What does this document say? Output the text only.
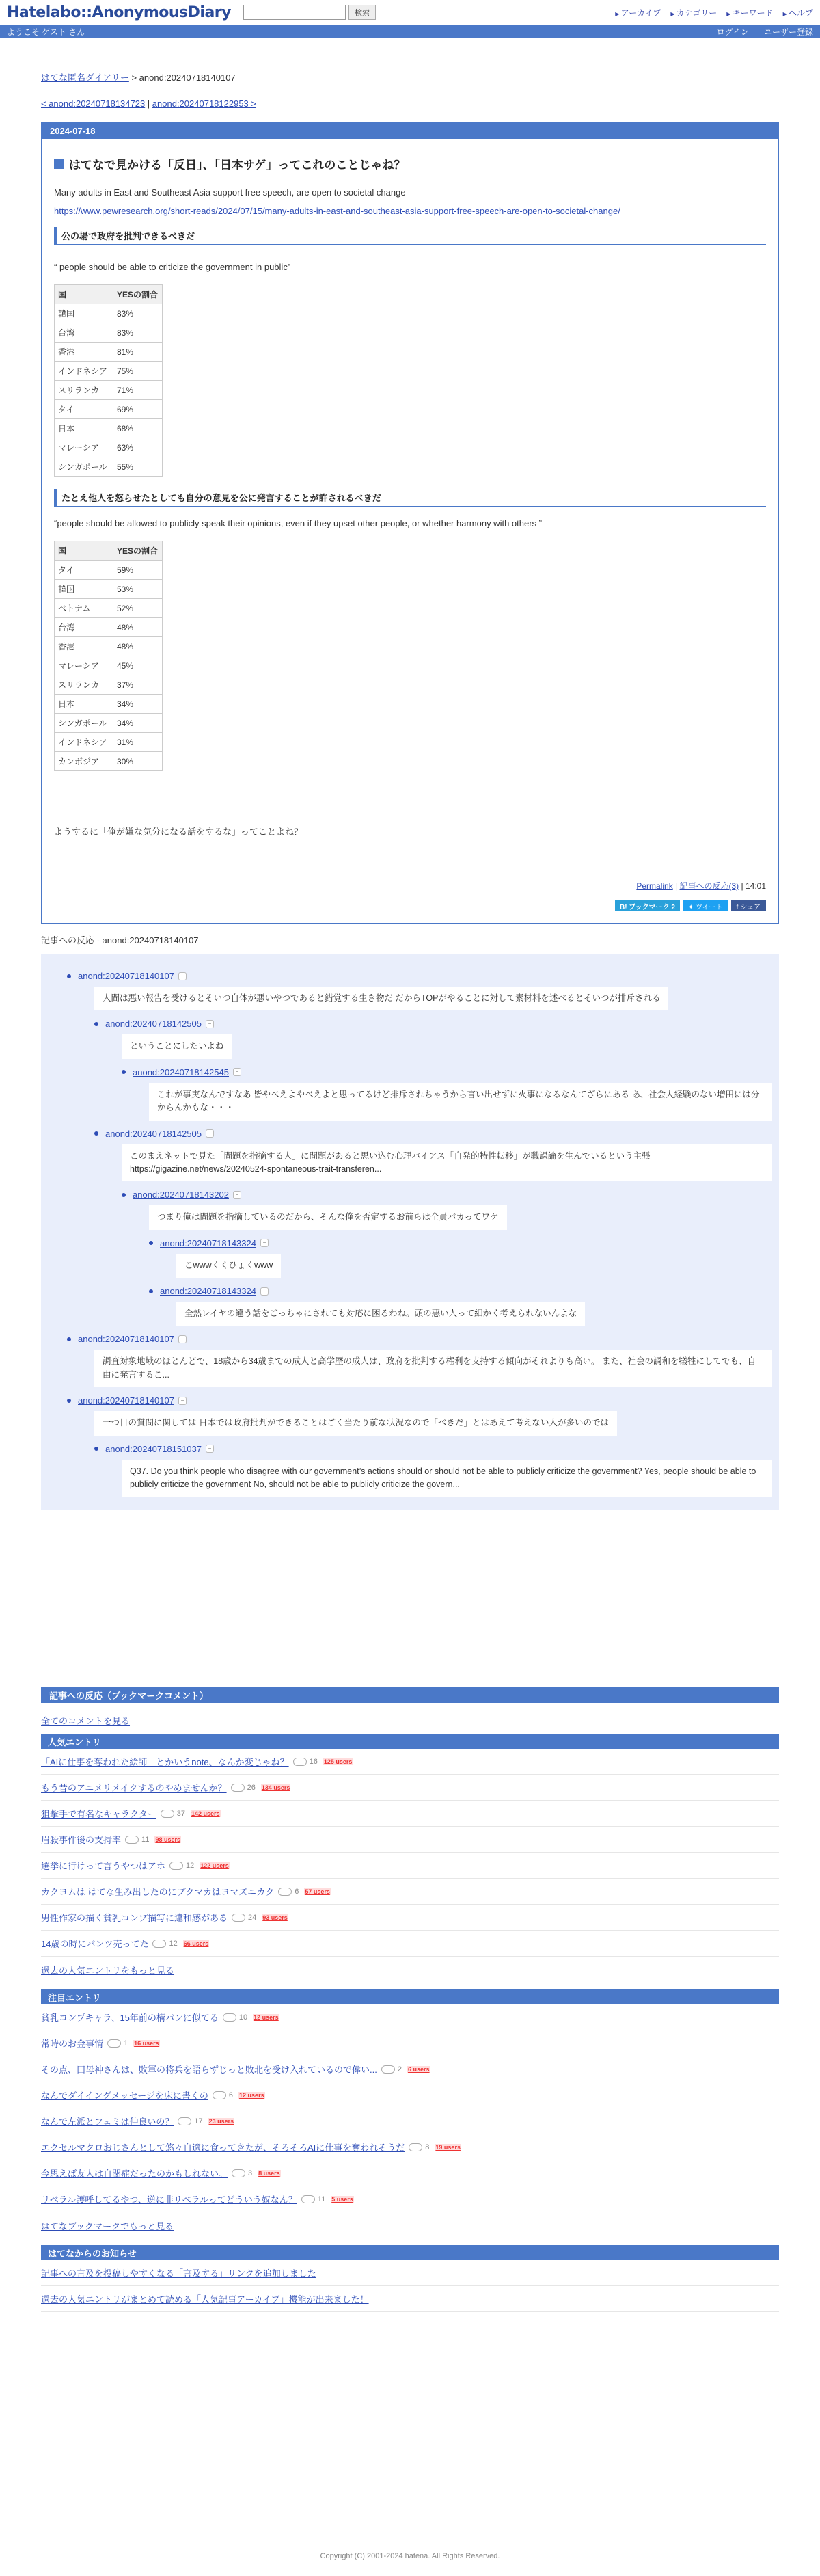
Hatelabo::AnonymousDiary	検索	▶ アーカイブ	▶ カテゴリー	▶ キーワード	▶ ヘルプ
ようこそ ゲスト さん	ログイン ユーザー登録
はてな匿名ダイアリー > anond:20240718140107
< anond:20240718134723 | anond:20240718122953 >
2024-07-18
はてなで見かける「反日」、「日本サゲ」ってこれのことじゃね？
Many adults in East and Southeast Asia support free speech, are open to societal change
https://www.pewresearch.org/short-reads/2024/07/15/many-adults-in-east-and-southeast-asia-support-free-speech-are-open-to-societal-change/
公の場で政府を批判できるべきだ
“ people should be able to criticize the government in public”
国	YESの割合
韓国	83%
台湾	83%
香港	81%
インドネシア	75%
スリランカ	71%
タイ	69%
日本	68%
マレーシア	63%
シンガポール	55%
たとえ他人を怒らせたとしても自分の意見を公に発言することが許されるべきだ
“people should be allowed to publicly speak their opinions, even if they upset other people, or whether harmony with others ”
国	YESの割合
タイ	59%
韓国	53%
ベトナム	52%
台湾	48%
香港	48%
マレーシア	45%
スリランカ	37%
日本	34%
シンガポール	34%
インドネシア	31%
カンボジア	30%
ようするに「俺が嫌な気分になる話をするな」ってことよね？
Permalink | 記事への反応(3) | 14:01
B! ブックマーク 2	✦ ツイート	f シェア
記事への反応 - anond:20240718140107
anond:20240718140107	−
人間は悪い報告を受けるとそいつ自体が悪いやつであると錯覚する生き物だ だからTOPがやることに対して素材料を述べるとそいつが排斥される
anond:20240718142505	−
ということにしたいよね
anond:20240718142545	−
これが事実なんですなあ 皆やべえよやべえよと思ってるけど排斥されちゃうから言い出せずに火事になるなんてざらにある あ、社会人経験のない増田には分からんかもな・・・
anond:20240718142505	−
このまえネットで見た「問題を指摘する人」に問題があると思い込む心理バイアス「自発的特性転移」が職課論を生んでいるという主張 https://gigazine.net/news/20240524-spontaneous-trait-transferen...
anond:20240718143202	−
つまり俺は問題を指摘しているのだから、そんな俺を否定するお前らは全員バカってワケ
anond:20240718143324	−
こwwwくくひょくwww
anond:20240718143324	−
全然レイヤの違う話をごっちゃにされても対応に困るわね。頭の悪い人って細かく考えられないんよな
anond:20240718140107	−
調査対象地域のほとんどで、18歳から34歳までの成人と高学歴の成人は、政府を批判する権利を支持する傾向がそれよりも高い。 また、社会の調和を犠牲にしてでも、自由に発言するこ...
anond:20240718140107	−
一つ目の質問に関しては 日本では政府批判ができることはごく当たり前な状況なので「べきだ」とはあえて考えない人が多いのでは
anond:20240718151037	−
Q37. Do you think people who disagree with our government’s actions should or should not be able to publicly criticize the government? Yes, people should be able to publicly criticize the government No, should not be able to publicly criticize the govern...
記事への反応（ブックマークコメント）
全てのコメントを見る
人気エントリ
「AIに仕事を奪われた絵師」とかいうnote、なんか変じゃね？	16 125 users
もう昔のアニメリメイクするのやめませんか？	26 134 users
狙撃手で有名なキャラクター	37 142 users
眉殺事件後の支持率	11 98 users
選挙に行けって言うやつはアホ	12 122 users
カクヨムは はてな生み出したのにブクマカはヨマズニカク	6 57 users
男性作家の描く貧乳コンプ描写に違和感がある	24 93 users
14歳の時にパンツ売ってた	12 66 users
過去の人気エントリをもっと見る
注目エントリ
貧乳コンプキャラ、15年前の構パンに似てる	10 12 users
常時のお金事情	1 16 users
その点、田母神さんは、敗軍の将兵を語らずじっと敗北を受け入れているので偉い...	2 6 users
なんでダイイングメッセージを床に書くの	6 12 users
なんで左派とフェミは仲良いの？	17 23 users
エクセルマクロおじさんとして悠々自適に食ってきたが、そろそろAIに仕事を奪われそうだ	8 19 users
今思えば友人は自閉症だったのかもしれない。	3 8 users
リベラル護呼してるやつ、逆に非リベラルってどういう奴なん？	11 5 users
はてなブックマークでもっと見る
はてなからのお知らせ
記事への言及を投稿しやすくなる「言及する」リンクを追加しました
過去の人気エントリがまとめて読める「人気記事アーカイブ」機能が出来ました！
Copyright (C) 2001-2024 hatena. All Rights Reserved.
